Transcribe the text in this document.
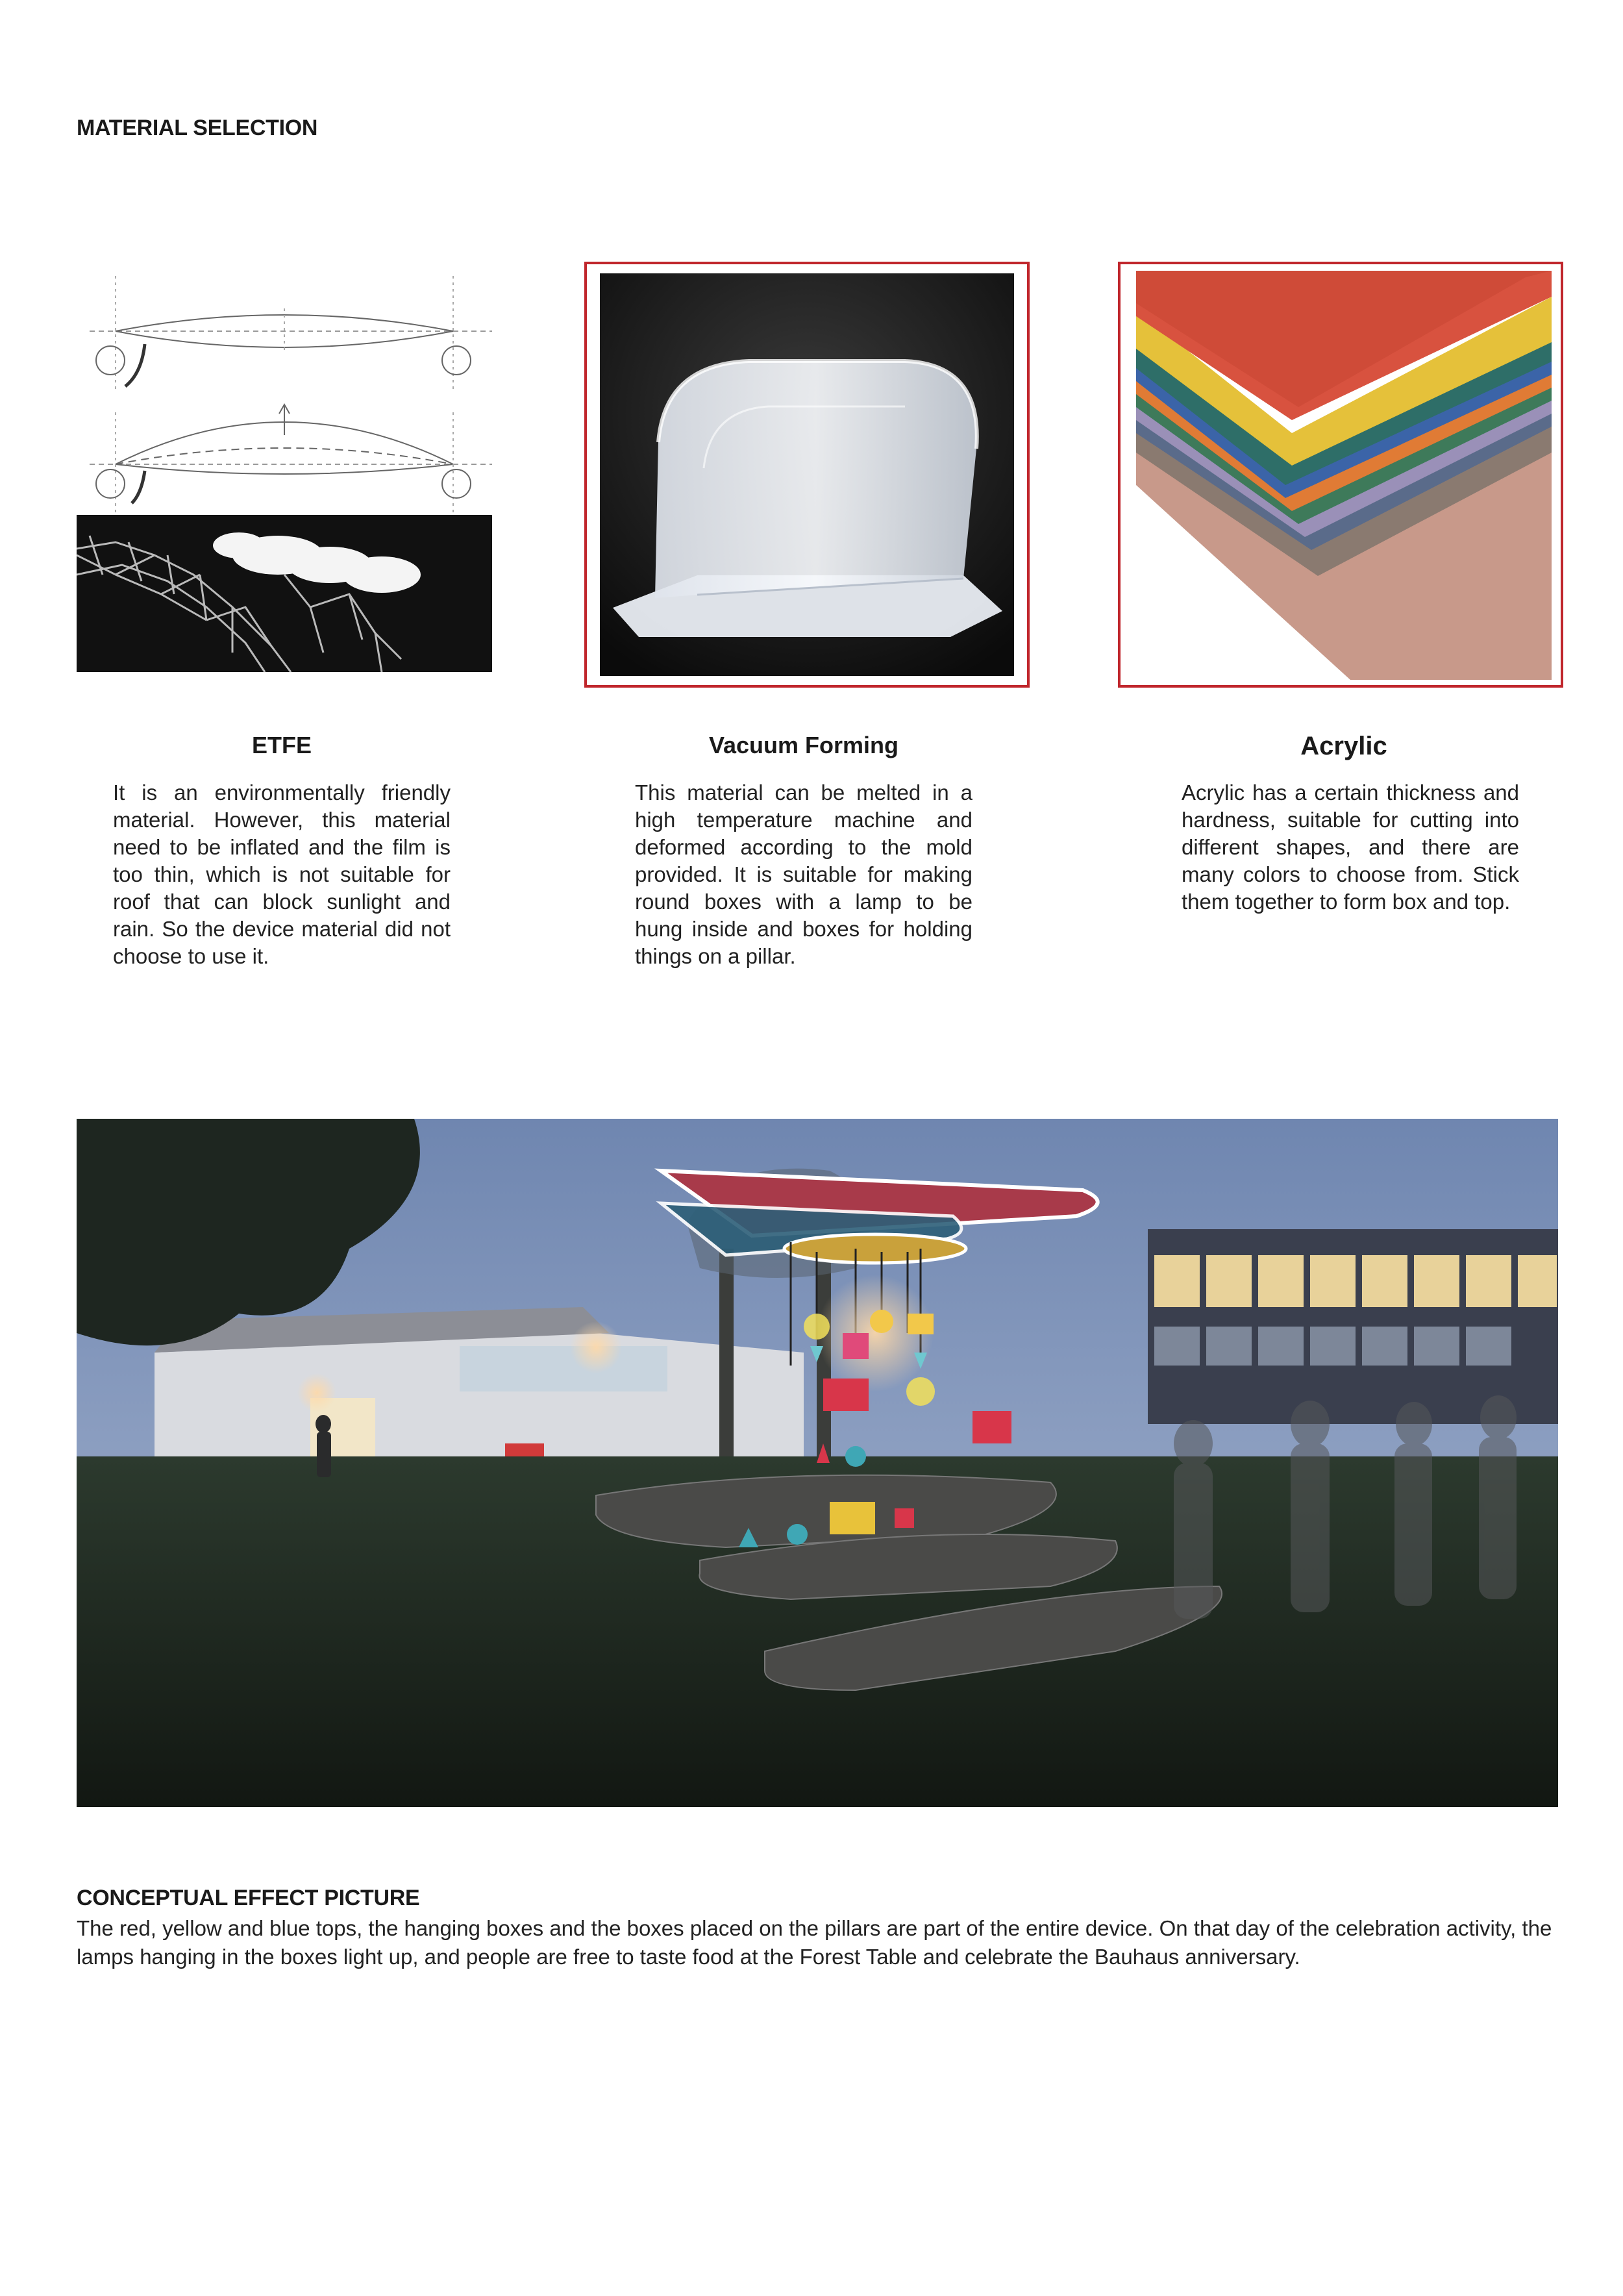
MATERIAL SELECTION
ETFE
It is an environmentally friendly material. However, this material need to be inflated and the film is too thin, which is not suitable for roof that can block sunlight and rain. So the device material did not choose to use it.
Vacuum Forming
This material can be melted in a high temperature machine and deformed according to the mold provided. It is suitable for making round boxes with a lamp to be hung inside and boxes for holding things on a pillar.
Acrylic
Acrylic has a certain thickness and hardness, suitable for cutting into different shapes, and there are many colors to choose from. Stick them together to form box and top.
CONCEPTUAL EFFECT PICTURE
The red, yellow and blue tops, the hanging boxes and the boxes placed on the pillars are part of the entire device. On that day of the celebration activity, the lamps hanging in the boxes light up, and people are free to taste food at the Forest Table and celebrate the Bauhaus anniversary.
